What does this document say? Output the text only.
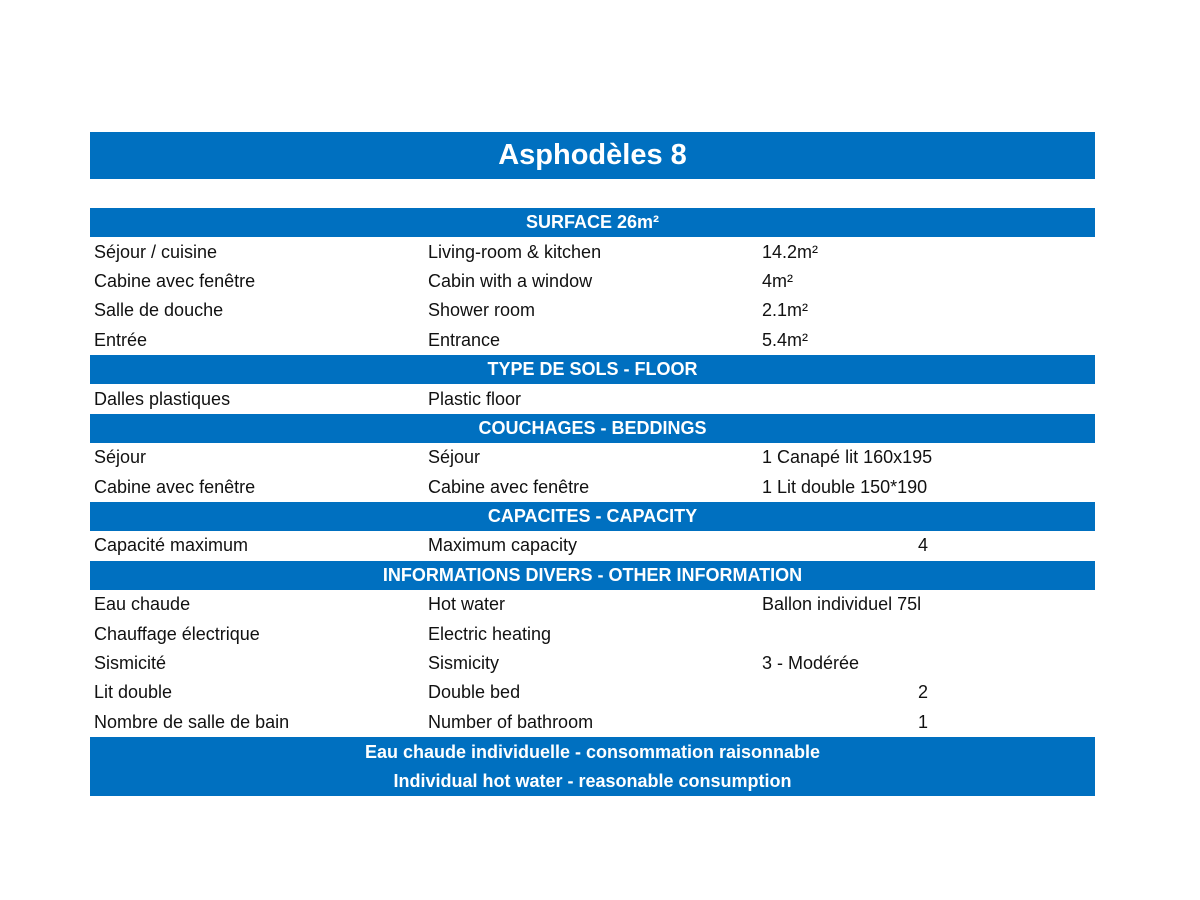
Asphodèles 8
SURFACE 26m²
Séjour / cuisine	Living-room & kitchen	14.2m²
Cabine avec fenêtre	Cabin with a window	4m²
Salle de douche	Shower room	2.1m²
Entrée	Entrance	5.4m²
TYPE DE SOLS - FLOOR
Dalles plastiques	Plastic floor
COUCHAGES - BEDDINGS
Séjour	Séjour	1 Canapé lit 160x195
Cabine avec fenêtre	Cabine avec fenêtre	1 Lit double 150*190
CAPACITES - CAPACITY
Capacité maximum	Maximum capacity	4
INFORMATIONS DIVERS - OTHER INFORMATION
Eau chaude	Hot water	Ballon individuel 75l
Chauffage électrique	Electric heating
Sismicité	Sismicity	3 - Modérée
Lit double	Double bed	2
Nombre de salle de bain	Number of bathroom	1
Eau chaude individuelle - consommation raisonnable
Individual hot water - reasonable consumption
